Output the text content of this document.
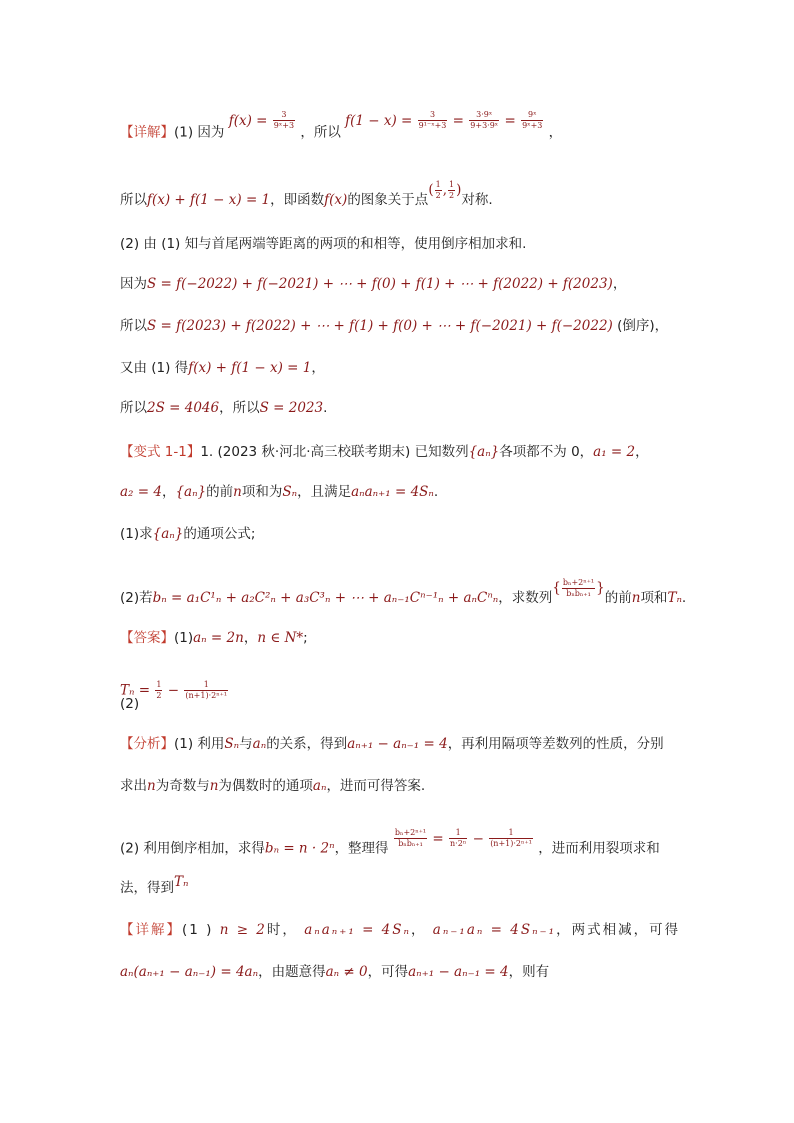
【详解】(1) 因为 $f(x) = \frac{3}{\text{9ˣ+3}}$
，所以 $f(1 - x) = \frac{3}{\text{9¹⁻ˣ+3}} = \frac{\text{3·9ˣ}}{\text{9+3·9ˣ}} = \frac{\text{9ˣ}}{\text{9ˣ+3}}$
，
所以f(x) + f(1 − x) = 1，即函数f(x)的图象关于点( $\frac{1}{2}$ , $\frac{1}{2}$ )对称.
(2) 由 (1) 知与首尾两端等距离的两项的和相等，使用倒序相加求和.
因为S = f(−2022) + f(−2021) + ⋯ + f(0) + f(1) + ⋯ + f(2022) + f(2023)，
所以S = f(2023) + f(2022) + ⋯ + f(1) + f(0) + ⋯ + f(−2021) + f(−2022) (倒序)，
又由 (1) 得f(x) + f(1 − x) = 1，
所以2S = 4046，所以S = 2023.
【变式 1-1】1. (2023 秋·河北·高三校联考期末) 已知数列{aₙ}各项都不为 0，a₁ = 2，
a₂ = 4，{aₙ}的前n项和为Sₙ，且满足aₙaₙ₊₁ = 4Sₙ.
(1)求{aₙ}的通项公式;
(2)若bₙ = a₁C¹ₙ + a₂C²ₙ + a₃C³ₙ + ⋯ + aₙ₋₁Cⁿ⁻¹ₙ + aₙCⁿₙ，求数列{ $\frac{\text{bₙ+2ⁿ⁺¹}}{\text{bₙbₙ₊₁}}$ }的前n项和Tₙ.
【答案】(1)aₙ = 2n，n ∈ N*;
$T_n = \frac{1}{2} - \frac{1}{\text{(n+1)·2ⁿ⁺¹}}$
(2)
【分析】(1) 利用Sₙ与aₙ的关系，得到aₙ₊₁ − aₙ₋₁ = 4，再利用隔项等差数列的性质，分别
求出n为奇数与n为偶数时的通项aₙ，进而可得答案.
(2) 利用倒序相加，求得bₙ = n · 2ⁿ，整理得 $\frac{\text{bₙ+2ⁿ⁺¹}}{\text{bₙbₙ₊₁}} = \frac{1}{\text{n·2ⁿ}} - \frac{1}{\text{(n+1)·2ⁿ⁺¹}}$ ，进而利用裂项求和
法，得到Tₙ
【详解】(1 ) n ≥ 2时， aₙaₙ₊₁ = 4Sₙ， aₙ₋₁aₙ = 4Sₙ₋₁，两式相减，可得
aₙ(aₙ₊₁ − aₙ₋₁) = 4aₙ，由题意得aₙ ≠ 0，可得aₙ₊₁ − aₙ₋₁ = 4，则有
